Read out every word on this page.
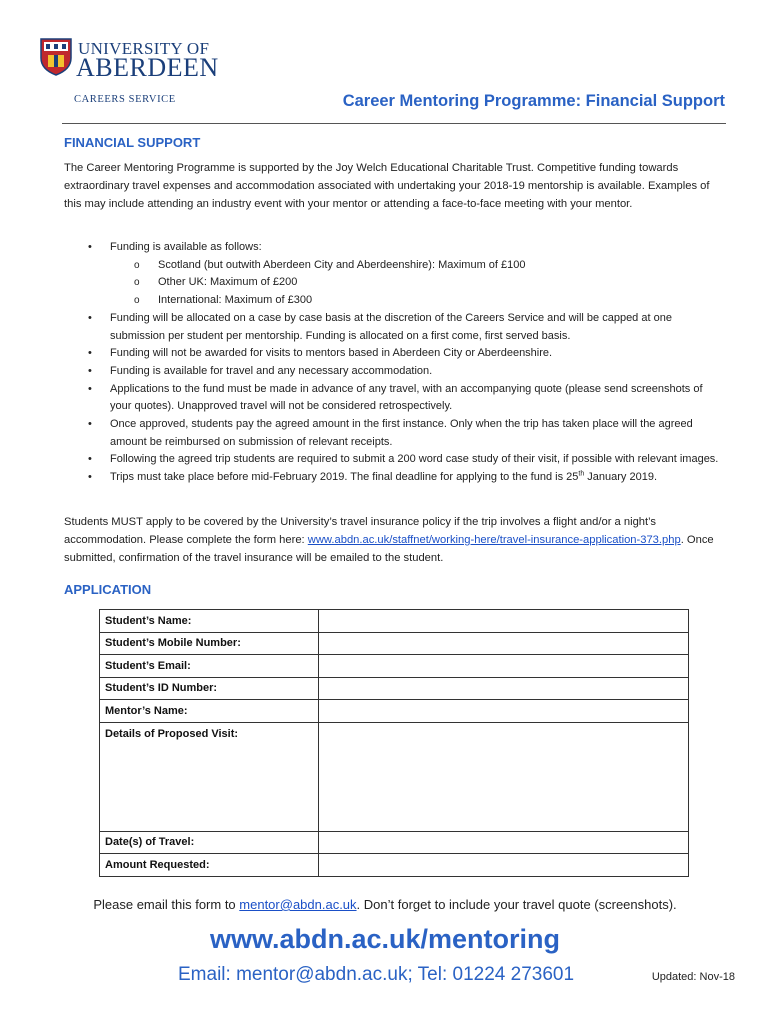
UNIVERSITY OF
ABERDEEN
CAREERS SERVICE	Career Mentoring Programme: Financial Support
FINANCIAL SUPPORT
The Career Mentoring Programme is supported by the Joy Welch Educational Charitable Trust. Competitive funding towards extraordinary travel expenses and accommodation associated with undertaking your 2018-19 mentorship is available. Examples of this may include attending an industry event with your mentor or attending a face-to-face meeting with your mentor.
• Funding is available as follows:
o Scotland (but outwith Aberdeen City and Aberdeenshire): Maximum of £100
o Other UK: Maximum of £200
o International: Maximum of £300
• Funding will be allocated on a case by case basis at the discretion of the Careers Service and will be capped at one submission per student per mentorship. Funding is allocated on a first come, first served basis.
• Funding will not be awarded for visits to mentors based in Aberdeen City or Aberdeenshire.
• Funding is available for travel and any necessary accommodation.
• Applications to the fund must be made in advance of any travel, with an accompanying quote (please send screenshots of your quotes). Unapproved travel will not be considered retrospectively.
• Once approved, students pay the agreed amount in the first instance. Only when the trip has taken place will the agreed amount be reimbursed on submission of relevant receipts.
• Following the agreed trip students are required to submit a 200 word case study of their visit, if possible with relevant images.
• Trips must take place before mid-February 2019. The final deadline for applying to the fund is 25th January 2019.
Students MUST apply to be covered by the University’s travel insurance policy if the trip involves a flight and/or a night’s accommodation. Please complete the form here: www.abdn.ac.uk/staffnet/working-here/travel-insurance-application-373.php. Once submitted, confirmation of the travel insurance will be emailed to the student.
APPLICATION
Student’s Name:	
Student’s Mobile Number:	
Student’s Email:	
Student’s ID Number:	
Mentor’s Name:	
Details of Proposed Visit:	
Date(s) of Travel:	
Amount Requested:	
Please email this form to mentor@abdn.ac.uk. Don’t forget to include your travel quote (screenshots).
www.abdn.ac.uk/mentoring
Email: mentor@abdn.ac.uk; Tel: 01224 273601	Updated: Nov-18
